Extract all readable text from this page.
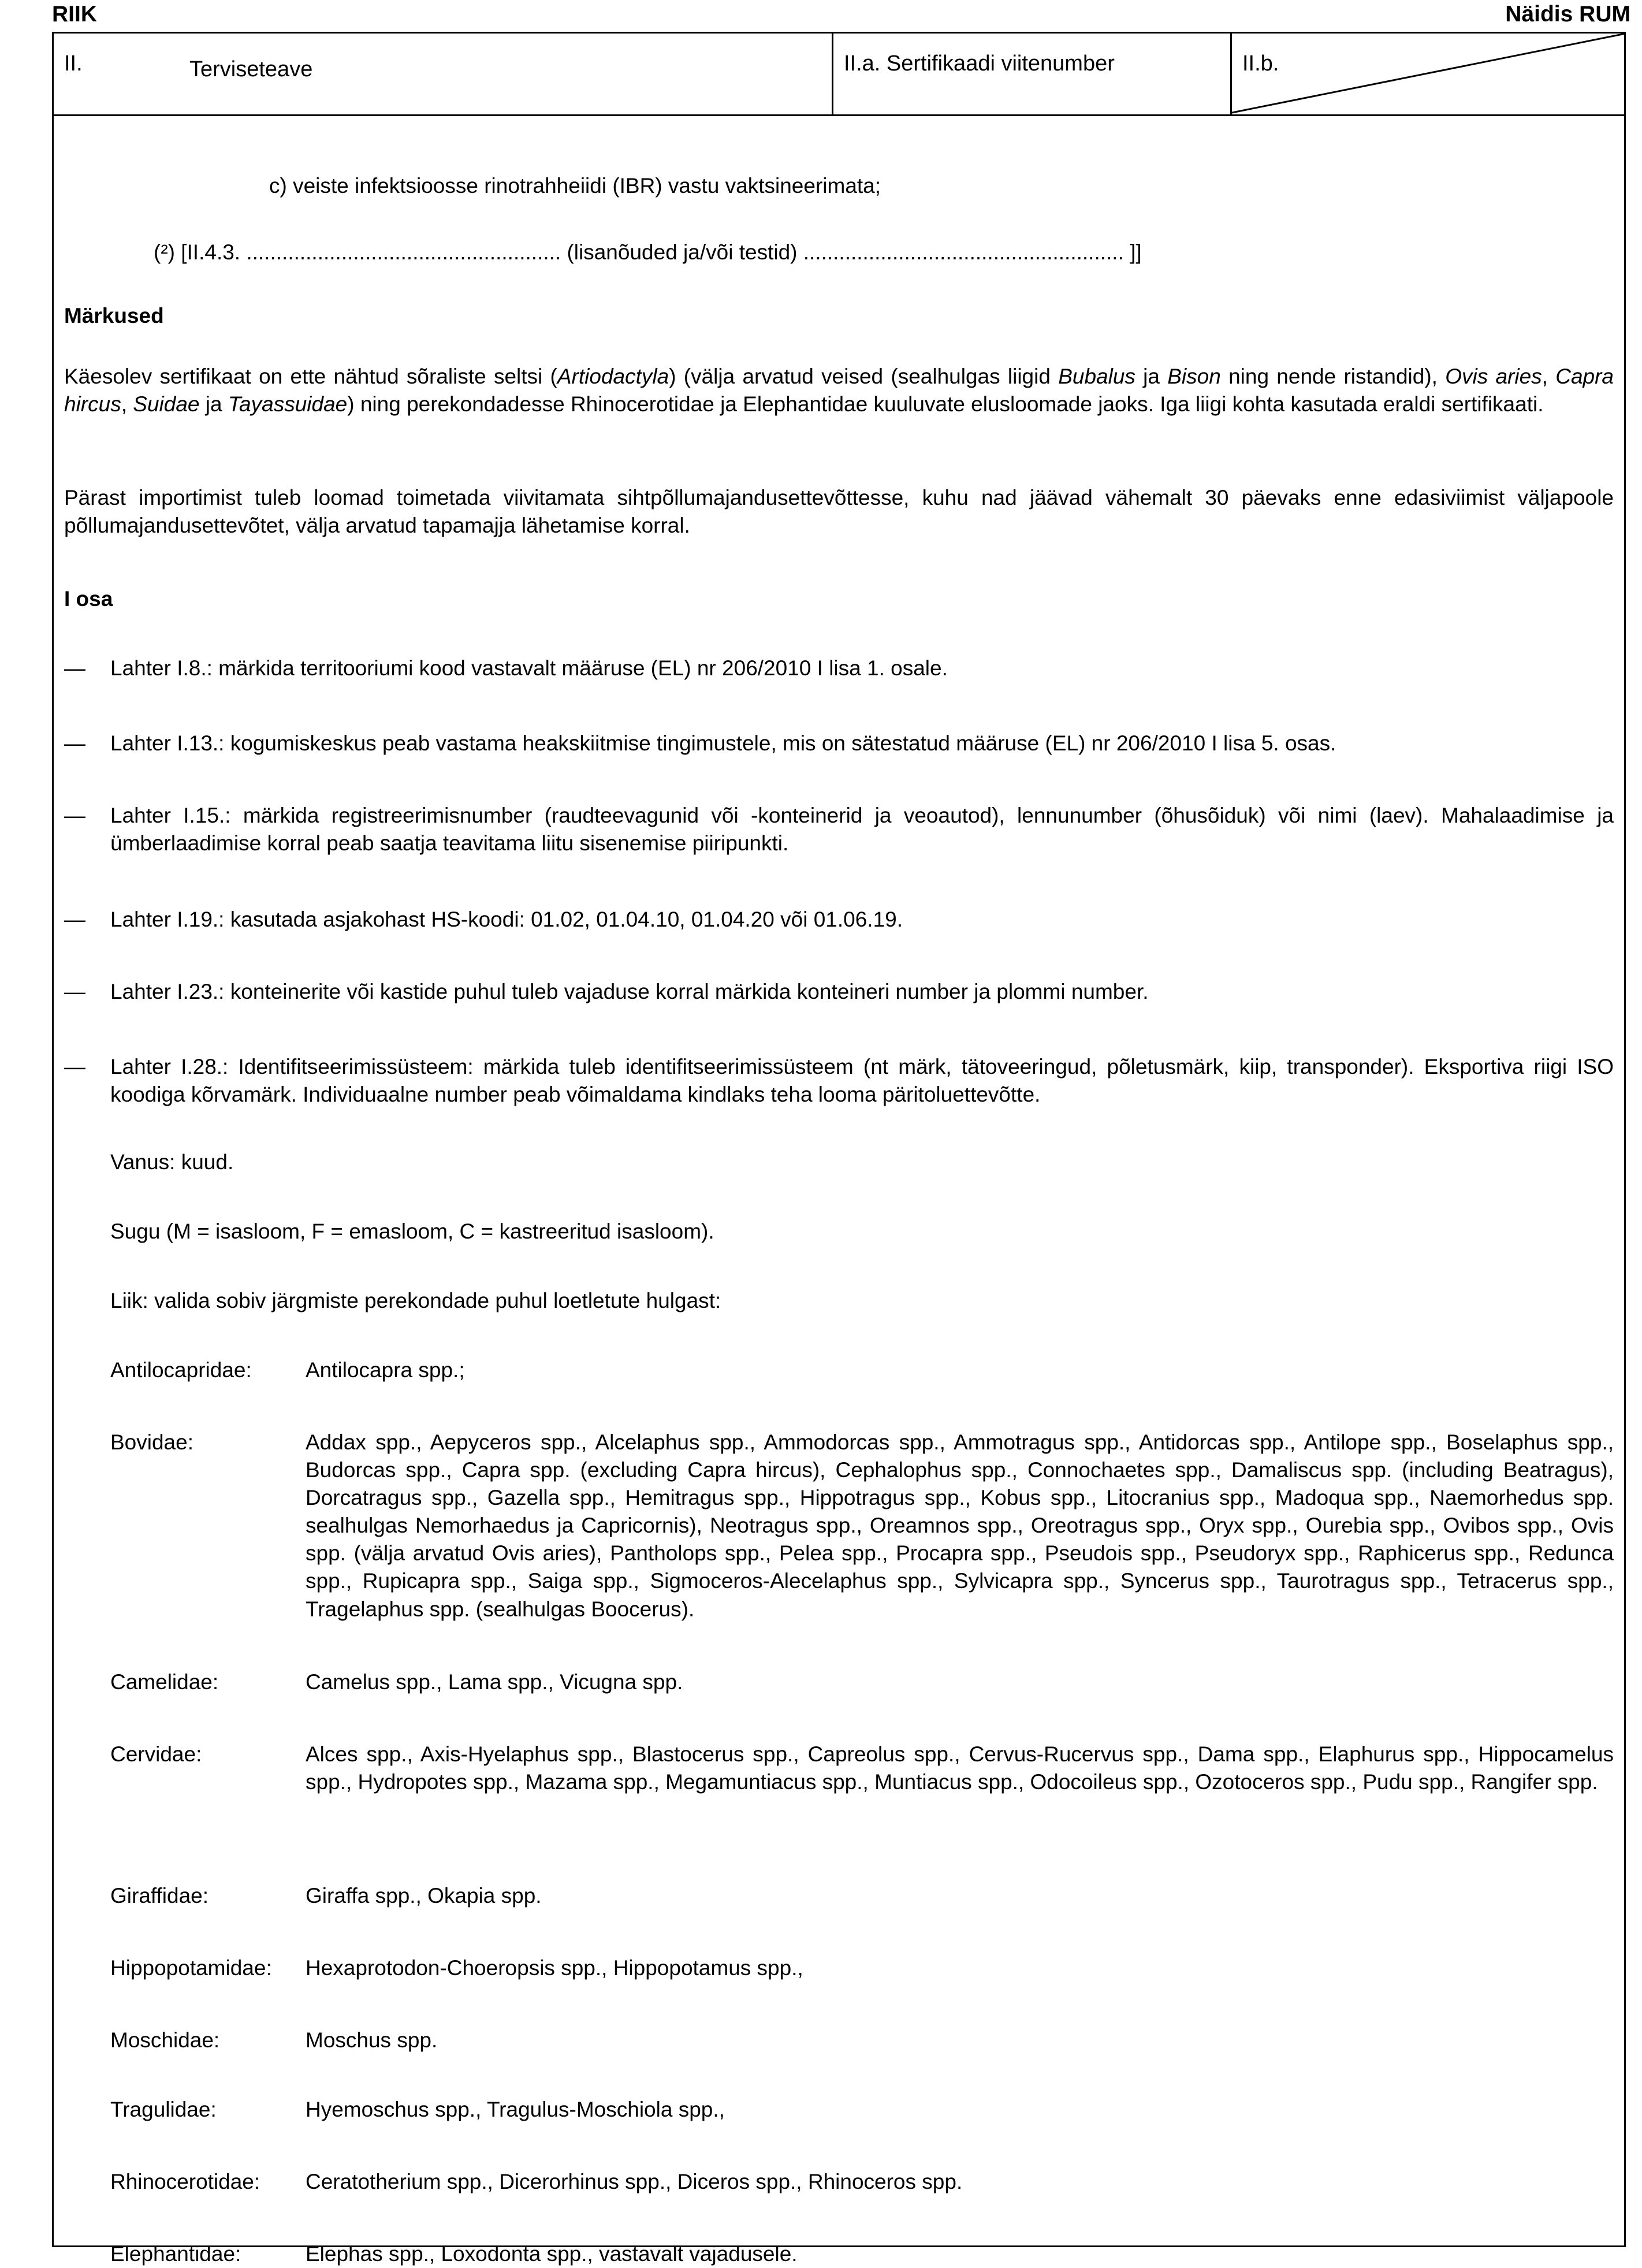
RIIK	Näidis RUM
II.	Terviseteave	II.a. Sertifikaadi viitenumber	II.b.
c) veiste infektsioosse rinotrahheiidi (IBR) vastu vaktsineerimata;
(²) [II.4.3. ..................................................... (lisanõuded ja/või testid) ...................................................... ]]
Märkused
Käesolev sertifikaat on ette nähtud sõraliste seltsi (Artiodactyla) (välja arvatud veised (sealhulgas liigid Bubalus ja Bison ning nende ristandid), Ovis aries, Capra hircus, Suidae ja Tayassuidae) ning perekondadesse Rhinocerotidae ja Elephantidae kuuluvate elusloomade jaoks. Iga liigi kohta kasutada eraldi sertifikaati.
Pärast importimist tuleb loomad toimetada viivitamata sihtpõllumajandusettevõttesse, kuhu nad jäävad vähemalt 30 päevaks enne edasiviimist väljapoole põllumajandusettevõtet, välja arvatud tapamajja lähetamise korral.
I osa
— Lahter I.8.: märkida territooriumi kood vastavalt määruse (EL) nr 206/2010 I lisa 1. osale.
— Lahter I.13.: kogumiskeskus peab vastama heakskiitmise tingimustele, mis on sätestatud määruse (EL) nr 206/2010 I lisa 5. osas.
— Lahter I.15.: märkida registreerimisnumber (raudteevagunid või -konteinerid ja veoautod), lennunumber (õhusõiduk) või nimi (laev). Mahalaadimise ja ümberlaadimise korral peab saatja teavitama liitu sisenemise piiripunkti.
— Lahter I.19.: kasutada asjakohast HS-koodi: 01.02, 01.04.10, 01.04.20 või 01.06.19.
— Lahter I.23.: konteinerite või kastide puhul tuleb vajaduse korral märkida konteineri number ja plommi number.
— Lahter I.28.: Identifitseerimissüsteem: märkida tuleb identifitseerimissüsteem (nt märk, tätoveeringud, põletusmärk, kiip, transponder). Eksportiva riigi ISO koodiga kõrvamärk. Individuaalne number peab võimaldama kindlaks teha looma päritoluettevõtte.
Vanus: kuud.
Sugu (M = isasloom, F = emasloom, C = kastreeritud isasloom).
Liik: valida sobiv järgmiste perekondade puhul loetletute hulgast:
Antilocapridae:	Antilocapra spp.;
Bovidae:	Addax spp., Aepyceros spp., Alcelaphus spp., Ammodorcas spp., Ammotragus spp., Antidorcas spp., Antilope spp., Boselaphus spp., Budorcas spp., Capra spp. (excluding Capra hircus), Cephalophus spp., Connochaetes spp., Damaliscus spp. (including Beatragus), Dorcatragus spp., Gazella spp., Hemitragus spp., Hippotragus spp., Kobus spp., Litocranius spp., Madoqua spp., Naemorhedus spp. sealhulgas Nemorhaedus ja Capricornis), Neotragus spp., Oreamnos spp., Oreotragus spp., Oryx spp., Ourebia spp., Ovibos spp., Ovis spp. (välja arvatud Ovis aries), Pantholops spp., Pelea spp., Procapra spp., Pseudois spp., Pseudoryx spp., Raphicerus spp., Redunca spp., Rupicapra spp., Saiga spp., Sigmoceros-Alecelaphus spp., Sylvicapra spp., Syncerus spp., Taurotragus spp., Tetracerus spp., Tragelaphus spp. (sealhulgas Boocerus).
Camelidae:	Camelus spp., Lama spp., Vicugna spp.
Cervidae:	Alces spp., Axis-Hyelaphus spp., Blastocerus spp., Capreolus spp., Cervus-Rucervus spp., Dama spp., Elaphurus spp., Hippocamelus spp., Hydropotes spp., Mazama spp., Megamuntiacus spp., Muntiacus spp., Odocoileus spp., Ozotoceros spp., Pudu spp., Rangifer spp.
Giraffidae:	Giraffa spp., Okapia spp.
Hippopotamidae: Hexaprotodon-Choeropsis spp., Hippopotamus spp.,
Moschidae:	Moschus spp.
Tragulidae:	Hyemoschus spp., Tragulus-Moschiola spp.,
Rhinocerotidae: Ceratotherium spp., Dicerorhinus spp., Diceros spp., Rhinoceros spp.
Elephantidae:	Elephas spp., Loxodonta spp., vastavalt vajadusele.
